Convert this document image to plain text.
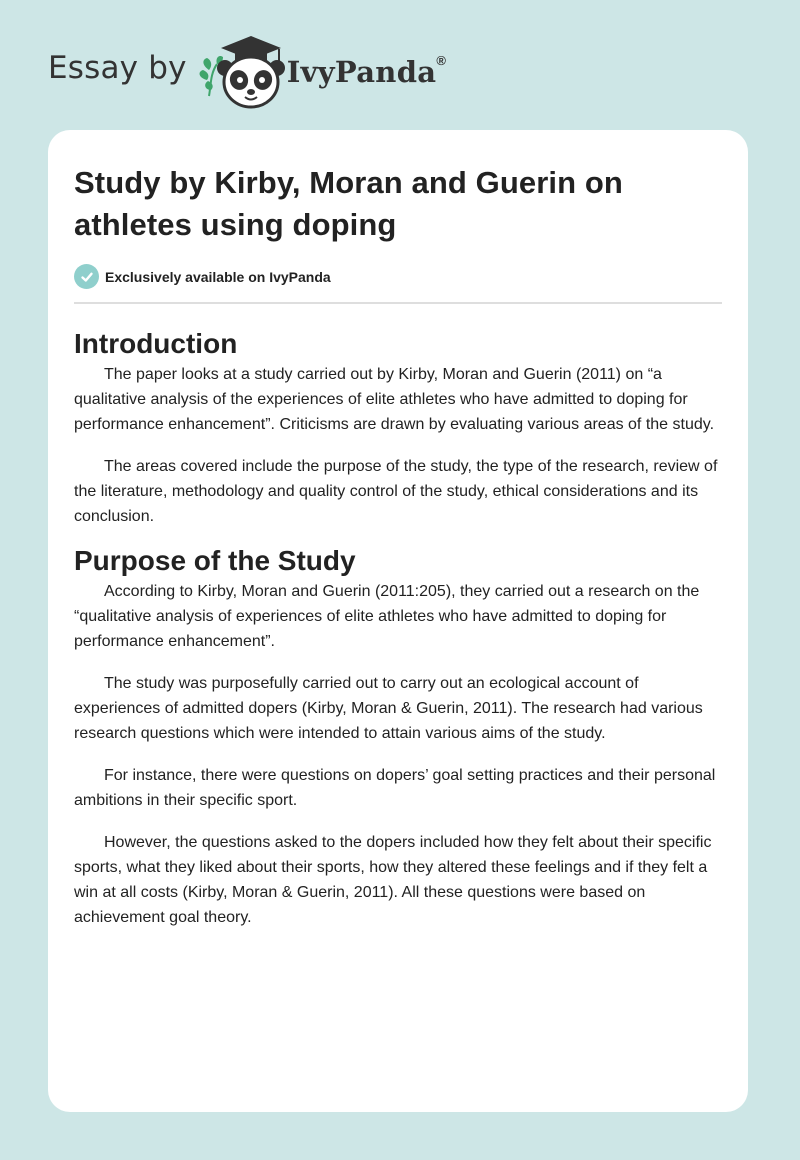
Essay by	IvyPanda®
Study by Kirby, Moran and Guerin on athletes using doping
Exclusively available on IvyPanda
Introduction

The paper looks at a study carried out by Kirby, Moran and Guerin (2011) on “a qualitative analysis of the experiences of elite athletes who have admitted to doping for performance enhancement”. Criticisms are drawn by evaluating various areas of the study.

The areas covered include the purpose of the study, the type of the research, review of the literature, methodology and quality control of the study, ethical considerations and its conclusion.

Purpose of the Study

According to Kirby, Moran and Guerin (2011:205), they carried out a research on the “qualitative analysis of experiences of elite athletes who have admitted to doping for performance enhancement”.

The study was purposefully carried out to carry out an ecological account of experiences of admitted dopers (Kirby, Moran & Guerin, 2011). The research had various research questions which were intended to attain various aims of the study.

For instance, there were questions on dopers’ goal setting practices and their personal ambitions in their specific sport.

However, the questions asked to the dopers included how they felt about their specific sports, what they liked about their sports, how they altered these feelings and if they felt a win at all costs (Kirby, Moran & Guerin, 2011). All these questions were based on achievement goal theory.
